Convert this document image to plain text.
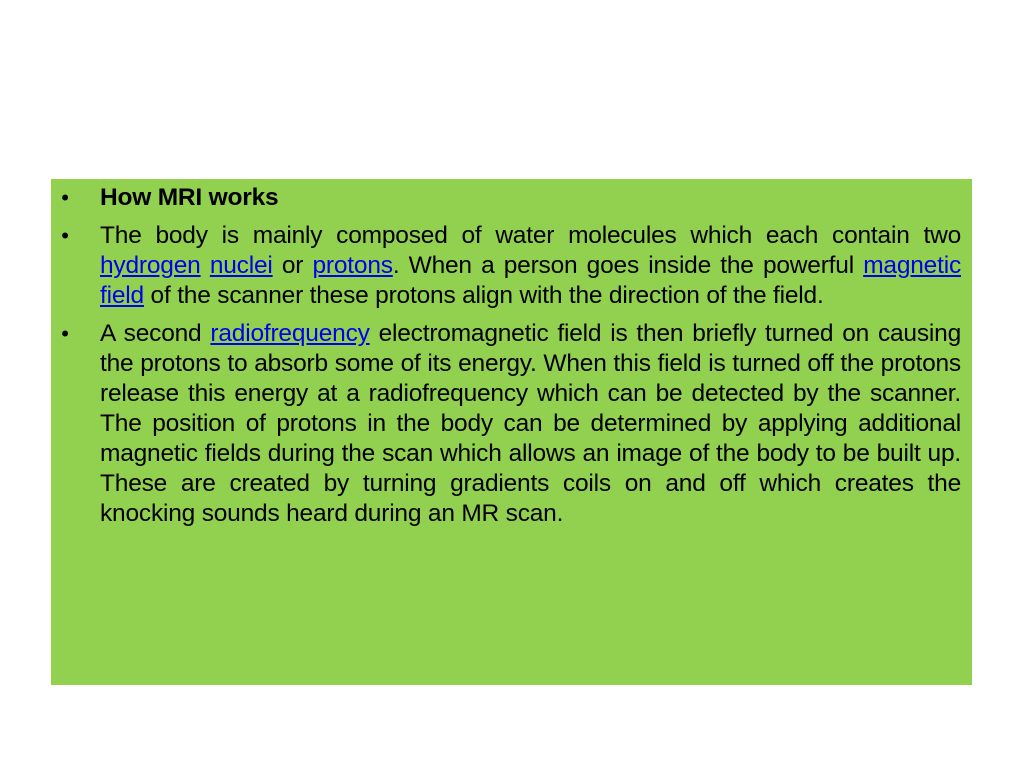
• How MRI works
• The body is mainly composed of water molecules which each contain two hydrogen nuclei or protons. When a person goes inside the powerful magnetic field of the scanner these protons align with the direction of the field.
• A second radiofrequency electromagnetic field is then briefly turned on causing the protons to absorb some of its energy. When this field is turned off the protons release this energy at a radiofrequency which can be detected by the scanner. The position of protons in the body can be determined by applying additional magnetic fields during the scan which allows an image of the body to be built up. These are created by turning gradients coils on and off which creates the knocking sounds heard during an MR scan.
